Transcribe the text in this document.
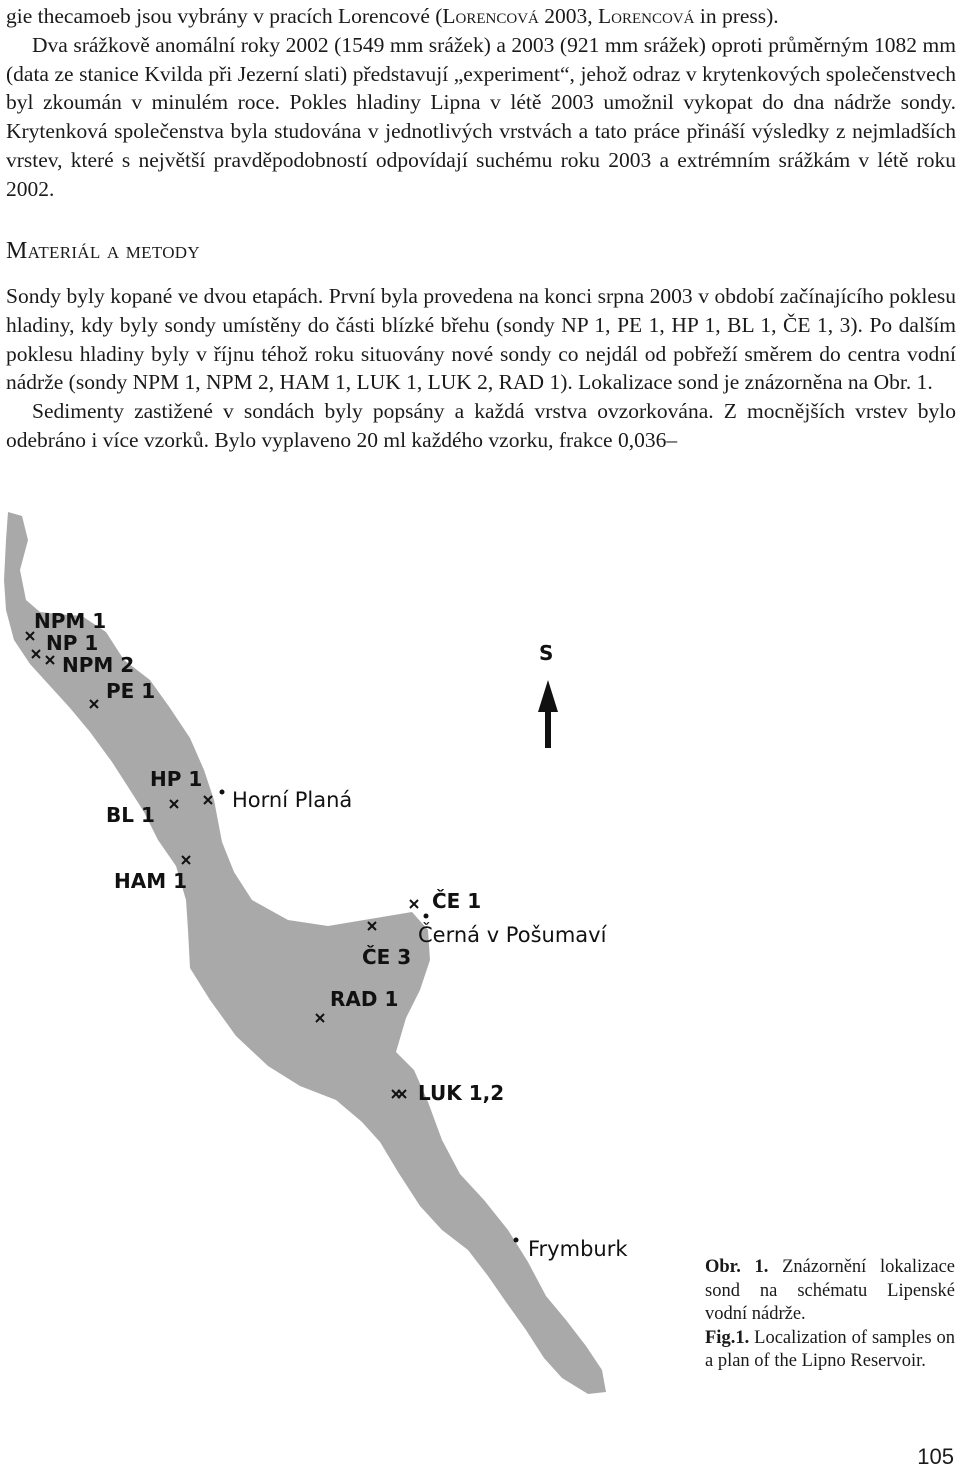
gie thecamoeb jsou vybrány v pracích Lorencové (Lorencová 2003, Lorencová in press).

Dva srážkově anomální roky 2002 (1549 mm srážek) a 2003 (921 mm srážek) oproti průměrným 1082 mm (data ze stanice Kvilda při Jezerní slati) představují „experiment“, jehož odraz v krytenkových společenstvech byl zkoumán v minulém roce. Pokles hladiny Lipna v létě 2003 umožnil vykopat do dna nádrže sondy. Krytenková společenstva byla studována v jednotlivých vrstvách a tato práce přináší výsledky z nejmladších vrstev, které s největší pravděpodobností odpovídají suchému roku 2003 a extrémním srážkám v létě roku 2002.

Materiál a metody

Sondy byly kopané ve dvou etapách. První byla provedena na konci srpna 2003 v období začínajícího poklesu hladiny, kdy byly sondy umístěny do části blízké břehu (sondy NP 1, PE 1, HP 1, BL 1, ČE 1, 3). Po dalším poklesu hladiny byly v říjnu téhož roku situovány nové sondy co nejdál od pobřeží směrem do centra vodní nádrže (sondy NPM 1, NPM 2, HAM 1, LUK 1, LUK 2, RAD 1). Lokalizace sond je znázorněna na Obr. 1.

Sedimenty zastižené v sondách byly popsány a každá vrstva ovzorkována. Z mocnějších vrstev bylo odebráno i více vzorků. Bylo vyplaveno 20 ml každého vzorku, frakce 0,036–

S
NPM 1
NP 1
NPM 2
PE 1
HP 1
BL 1
HAM 1
ČE 1
ČE 3
RAD 1
LUK 1,2
Horní Planá
Černá v Pošumaví
Frymburk

Obr. 1. Znázornění lokalizace sond na schématu Lipenské vodní nádrže.

Fig.1. Localization of samples on a plan of the Lipno Reservoir.

105
